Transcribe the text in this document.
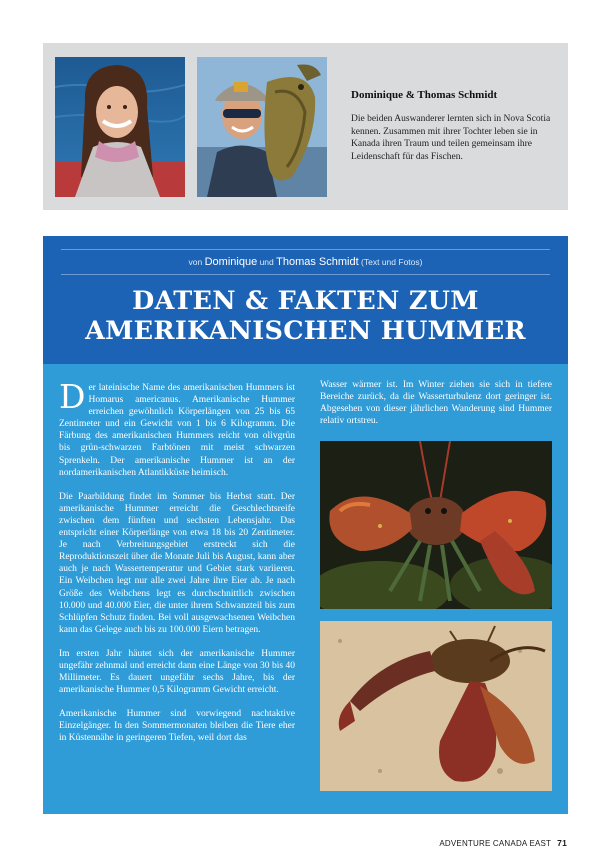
Dominique & Thomas Schmidt

Die beiden Auswanderer lernten sich in Nova Scotia kennen. Zusammen mit ihrer Tochter leben sie in Kanada ihren Traum und teilen gemeinsam ihre Leidenschaft für das Fischen.

von Dominique und Thomas Schmidt (Text und Fotos)
DATEN & FAKTEN ZUM
AMERIKANISCHEN HUMMER

Der lateinische Name des amerikanischen Hummers ist Homarus americanus. Amerikanische Hummer erreichen gewöhnlich Körperlängen von 25 bis 65 Zentimeter und ein Gewicht von 1 bis 6 Kilogramm. Die Färbung des amerikanischen Hummers reicht von olivgrün bis grün-schwarzen Farbtönen mit meist schwarzen Sprenkeln. Der amerikanische Hummer ist an der nordamerikanischen Atlantikküste heimisch.

Die Paarbildung findet im Sommer bis Herbst statt. Der amerikanische Hummer erreicht die Geschlechtsreife zwischen dem fünften und sechsten Lebensjahr. Das entspricht einer Körperlänge von etwa 18 bis 20 Zentimeter. Je nach Verbreitungsgebiet erstreckt sich die Reproduktionszeit über die Monate Juli bis August, kann aber auch je nach Wassertemperatur und Gebiet stark variieren. Ein Weibchen legt nur alle zwei Jahre ihre Eier ab. Je nach Größe des Weibchens legt es durchschnittlich zwischen 10.000 und 40.000 Eier, die unter ihrem Schwanzteil bis zum Schlüpfen Schutz finden. Bei voll ausgewachsenen Weibchen kann das Gelege auch bis zu 100.000 Eiern betragen.

Im ersten Jahr häutet sich der amerikanische Hummer ungefähr zehnmal und erreicht dann eine Länge von 30 bis 40 Millimeter. Es dauert ungefähr sechs Jahre, bis der amerikanische Hummer 0,5 Kilogramm Gewicht erreicht.

Amerikanische Hummer sind vorwiegend nachtaktive Einzelgänger. In den Sommermonaten bleiben die Tiere eher in Küstennähe in geringeren Tiefen, weil dort das

Wasser wärmer ist. Im Winter ziehen sie sich in tiefere Bereiche zurück, da die Wasserturbulenz dort geringer ist. Abgesehen von dieser jährlichen Wanderung sind Hummer relativ ortstreu.

ADVENTURE CANADA EAST 71
